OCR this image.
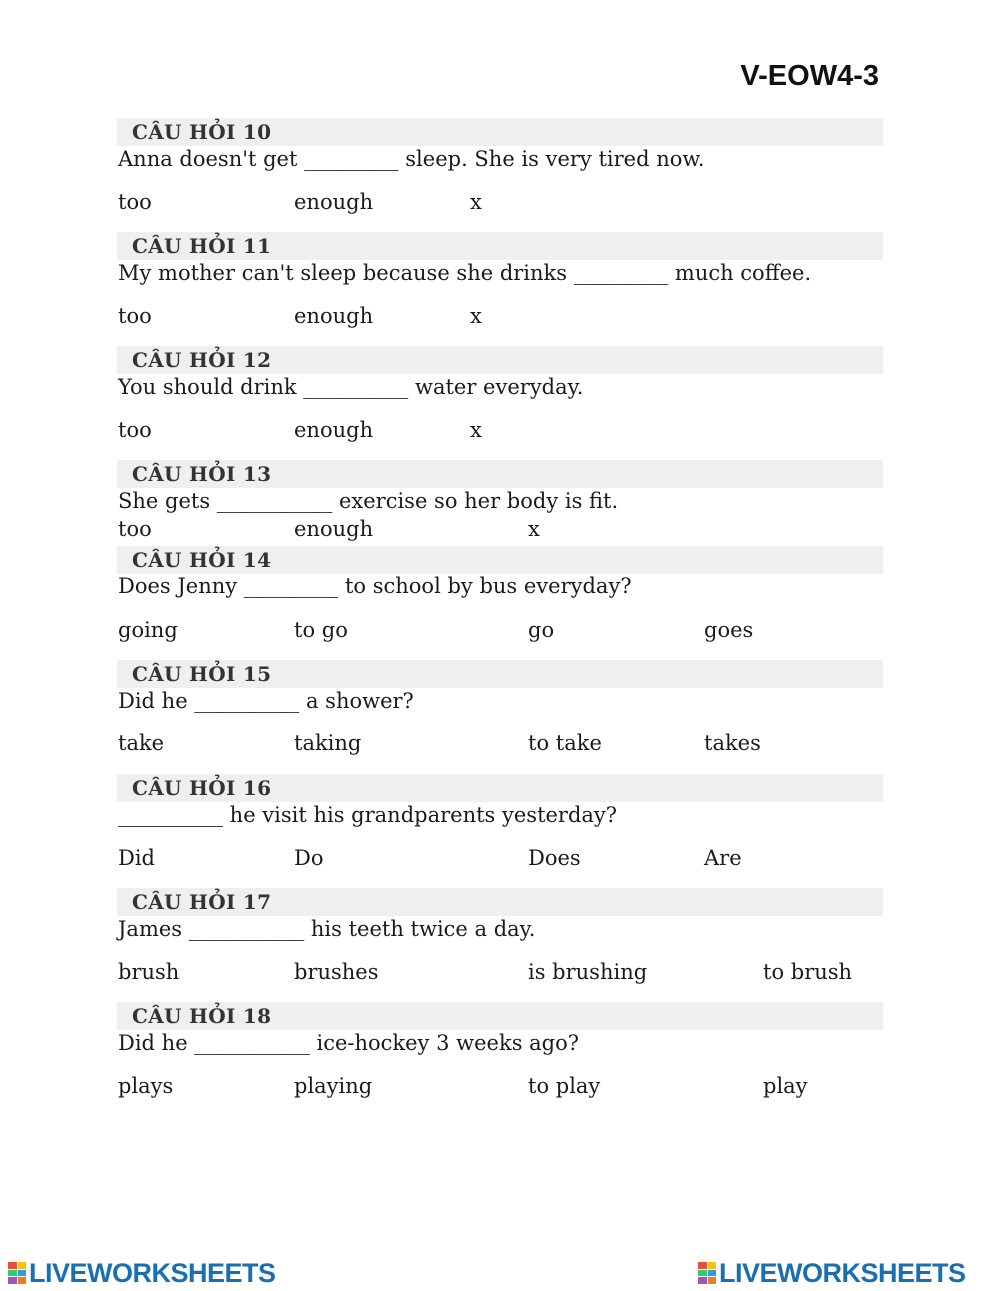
V-EOW4-3
CÂU HỎI 10
Anna doesn't get _________ sleep. She is very tired now.
too	enough	x
CÂU HỎI 11
My mother can't sleep because she drinks _________ much coffee.
too	enough	x
CÂU HỎI 12
You should drink __________ water everyday.
too	enough	x
CÂU HỎI 13
She gets ___________ exercise so her body is fit.
too	enough	x
CÂU HỎI 14
Does Jenny _________ to school by bus everyday?
going	to go	go	goes
CÂU HỎI 15
Did he __________ a shower?
take	taking	to take	takes
CÂU HỎI 16
__________ he visit his grandparents yesterday?
Did	Do	Does	Are
CÂU HỎI 17
James ___________ his teeth twice a day.
brush	brushes	is brushing	to brush
CÂU HỎI 18
Did he ___________ ice-hockey 3 weeks ago?
plays	playing	to play	play
LIVEWORKSHEETS	LIVEWORKSHEETS
